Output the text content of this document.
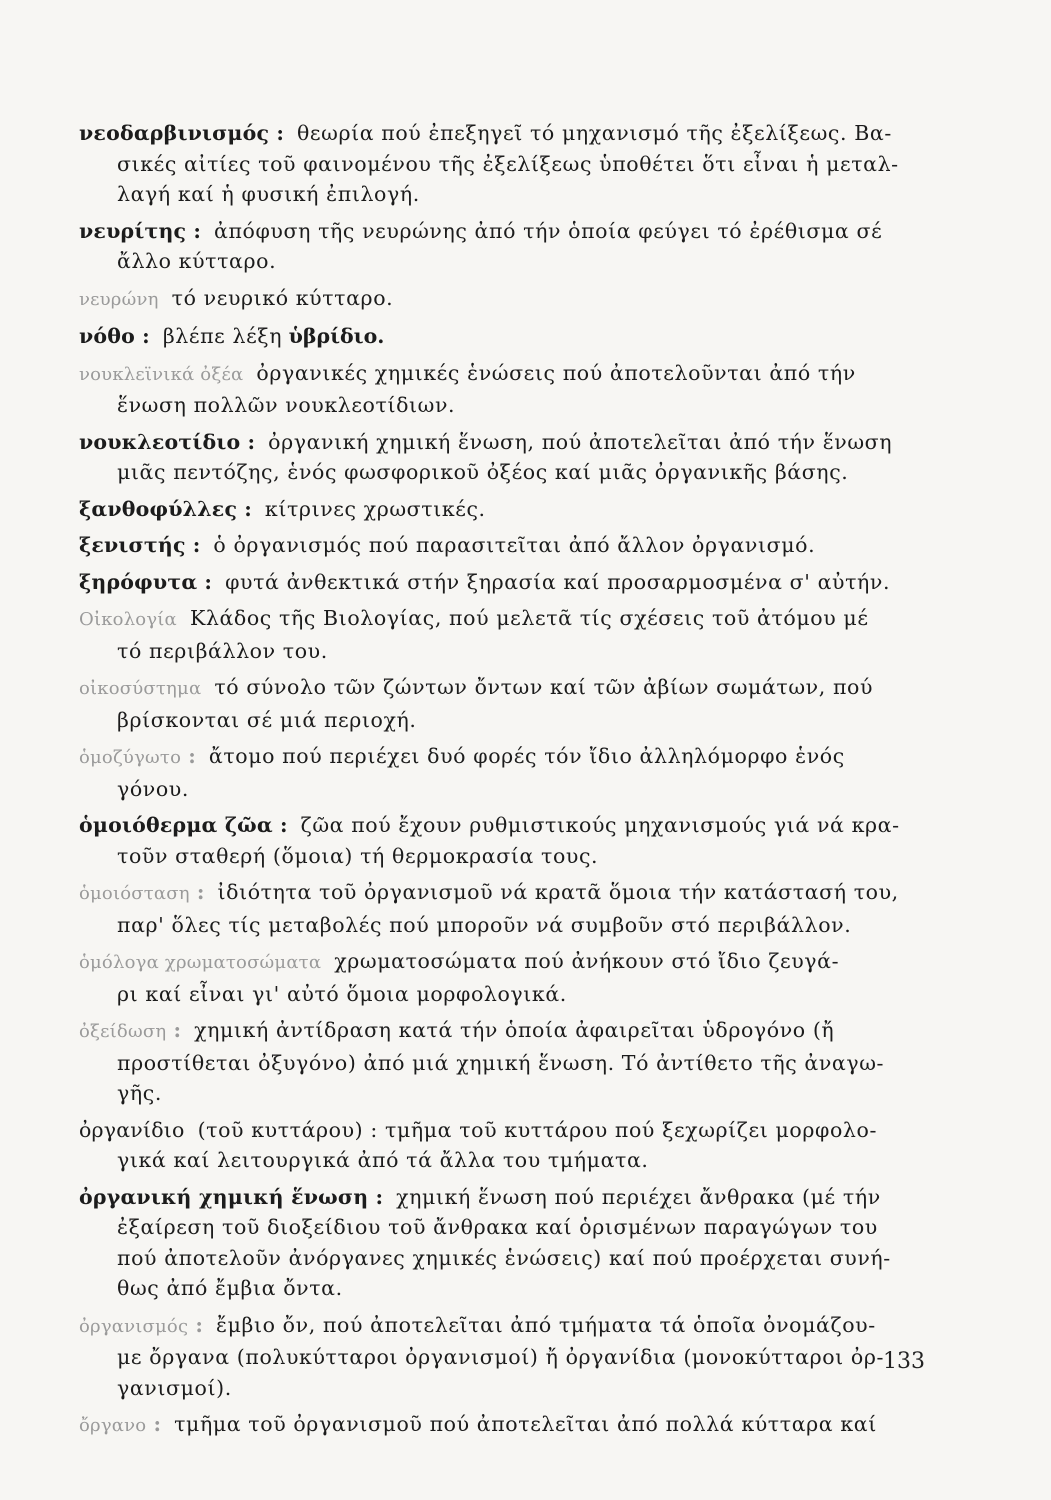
νεοδαρβινισμός : θεωρία πού ἐπεξηγεῖ τό μηχανισμό τῆς ἐξελίξεως. Βα-
σικές αἰτίες τοῦ φαινομένου τῆς ἐξελίξεως ὑποθέτει ὅτι εἶναι ἡ μεταλ-
λαγή καί ἡ φυσική ἐπιλογή.
νευρίτης : ἀπόφυση τῆς νευρώνης ἀπό τήν ὁποία φεύγει τό ἐρέθισμα σέ
ἄλλο κύτταρο.
νευρώνη τό νευρικό κύτταρο.
νόθο : βλέπε λέξη ὑβρίδιο.
νουκλεϊνικά ὀξέα ὀργανικές χημικές ἑνώσεις πού ἀποτελοῦνται ἀπό τήν
ἕνωση πολλῶν νουκλεοτίδιων.
νουκλεοτίδιο : ὀργανική χημική ἕνωση, πού ἀποτελεῖται ἀπό τήν ἕνωση
μιᾶς πεντόζης, ἑνός φωσφορικοῦ ὀξέος καί μιᾶς ὀργανικῆς βάσης.
ξανθοφύλλες : κίτρινες χρωστικές.
ξενιστής : ὁ ὀργανισμός πού παρασιτεῖται ἀπό ἄλλον ὀργανισμό.
ξηρόφυτα : φυτά ἀνθεκτικά στήν ξηρασία καί προσαρμοσμένα σ' αὐτήν.
Οἰκολογία Κλάδος τῆς Βιολογίας, πού μελετᾶ τίς σχέσεις τοῦ ἀτόμου μέ
τό περιβάλλον του.
οἰκοσύστημα τό σύνολο τῶν ζώντων ὄντων καί τῶν ἀβίων σωμάτων, πού
βρίσκονται σέ μιά περιοχή.
ὁμοζύγωτο : ἄτομο πού περιέχει δυό φορές τόν ἴδιο ἀλληλόμορφο ἑνός
γόνου.
ὁμοιόθερμα ζῶα : ζῶα πού ἔχουν ρυθμιστικούς μηχανισμούς γιά νά κρα-
τοῦν σταθερή (ὅμοια) τή θερμοκρασία τους.
ὁμοιόσταση : ἰδιότητα τοῦ ὀργανισμοῦ νά κρατᾶ ὅμοια τήν κατάστασή του,
παρ' ὅλες τίς μεταβολές πού μποροῦν νά συμβοῦν στό περιβάλλον.
ὁμόλογα χρωματοσώματα χρωματοσώματα πού ἀνήκουν στό ἴδιο ζευγά-
ρι καί εἶναι γι' αὐτό ὅμοια μορφολογικά.
ὀξείδωση : χημική ἀντίδραση κατά τήν ὁποία ἀφαιρεῖται ὑδρογόνο (ἤ
προστίθεται ὀξυγόνο) ἀπό μιά χημική ἕνωση. Τό ἀντίθετο τῆς ἀναγω-
γῆς.
ὀργανίδιο (τοῦ κυττάρου) : τμῆμα τοῦ κυττάρου πού ξεχωρίζει μορφολο-
γικά καί λειτουργικά ἀπό τά ἄλλα του τμήματα.
ὀργανική χημική ἕνωση : χημική ἕνωση πού περιέχει ἄνθρακα (μέ τήν
ἐξαίρεση τοῦ διοξείδιου τοῦ ἄνθρακα καί ὁρισμένων παραγώγων του
πού ἀποτελοῦν ἀνόργανες χημικές ἑνώσεις) καί πού προέρχεται συνή-
θως ἀπό ἔμβια ὄντα.
ὀργανισμός : ἔμβιο ὄν, πού ἀποτελεῖται ἀπό τμήματα τά ὁποῖα ὀνομάζου-
με ὄργανα (πολυκύτταροι ὀργανισμοί) ἤ ὀργανίδια (μονοκύτταροι ὀρ-
γανισμοί).
ὄργανο : τμῆμα τοῦ ὀργανισμοῦ πού ἀποτελεῖται ἀπό πολλά κύτταρα καί
133
